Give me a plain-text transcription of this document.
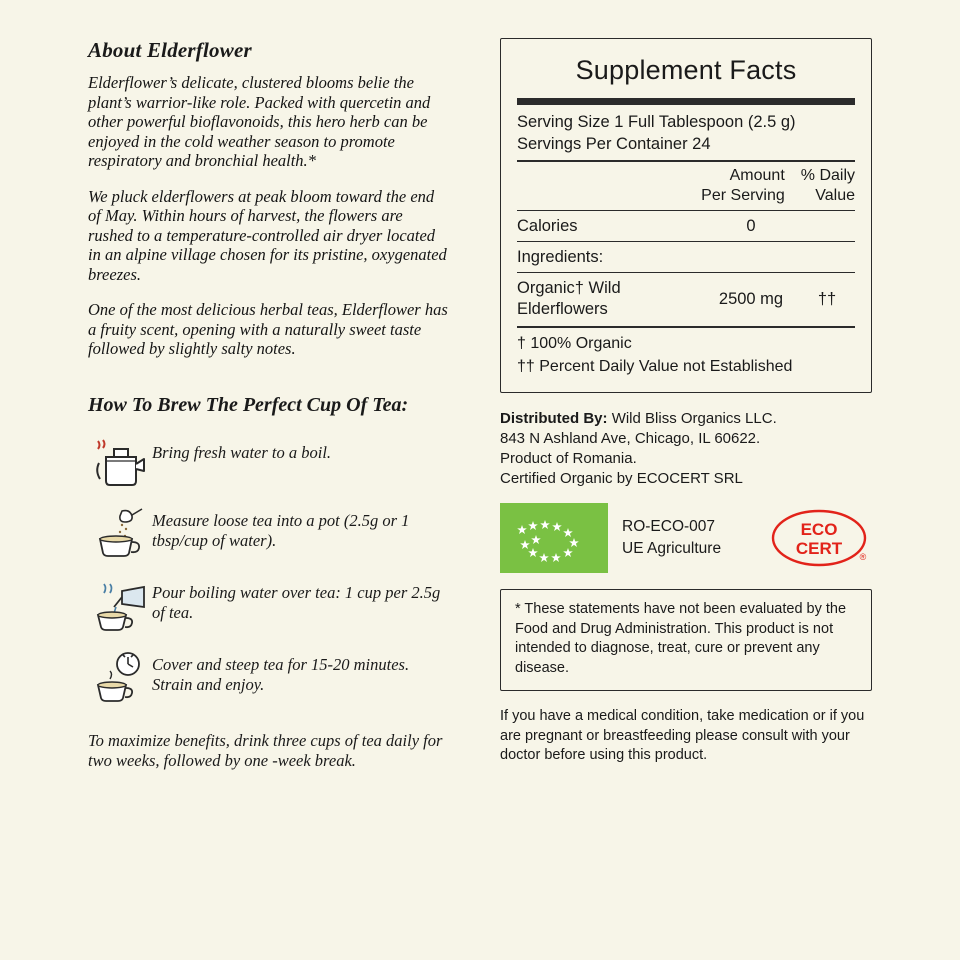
About Elderflower

Elderflower’s delicate, clustered blooms belie the plant’s warrior-like role. Packed with quercetin and other powerful bioflavonoids, this hero herb can be enjoyed in the cold weather season to promote respiratory and bronchial health.*

We pluck elderflowers at peak bloom toward the end of May. Within hours of harvest, the flowers are rushed to a temperature-controlled air dryer located in an alpine village chosen for its pristine, oxygenated breezes.

One of the most delicious herbal teas, Elderflower has a fruity scent, opening with a naturally sweet taste followed by slightly salty notes.

How To Brew The Perfect Cup Of Tea:
Bring fresh water to a boil.
Measure loose tea into a pot (2.5g or 1 tbsp/cup of water).
Pour boiling water over tea: 1 cup per 2.5g of tea.
Cover and steep tea for 15-20 minutes. Strain and enjoy.

To maximize benefits, drink three cups of tea daily for two weeks, followed by one -week break.

Supplement Facts
Serving Size 1 Full Tablespoon (2.5 g)
Servings Per Container 24
Amount
Per Serving
% Daily
Value
Calories	0
Ingredients:
Organic† Wild
Elderflowers
2500 mg	††
† 100% Organic
†† Percent Daily Value not Established
Distributed By: Wild Bliss Organics LLC.
843 N Ashland Ave, Chicago, IL 60622.
Product of Romania.
Certified Organic by ECOCERT SRL
RO-ECO-007
UE Agriculture
ECO
CERT ®
* These statements have not been evaluated by the Food and Drug Administration. This product is not intended to diagnose, treat, cure or prevent any disease.
If you have a medical condition, take medication or if you are pregnant or breastfeeding please consult with your doctor before using this product.
